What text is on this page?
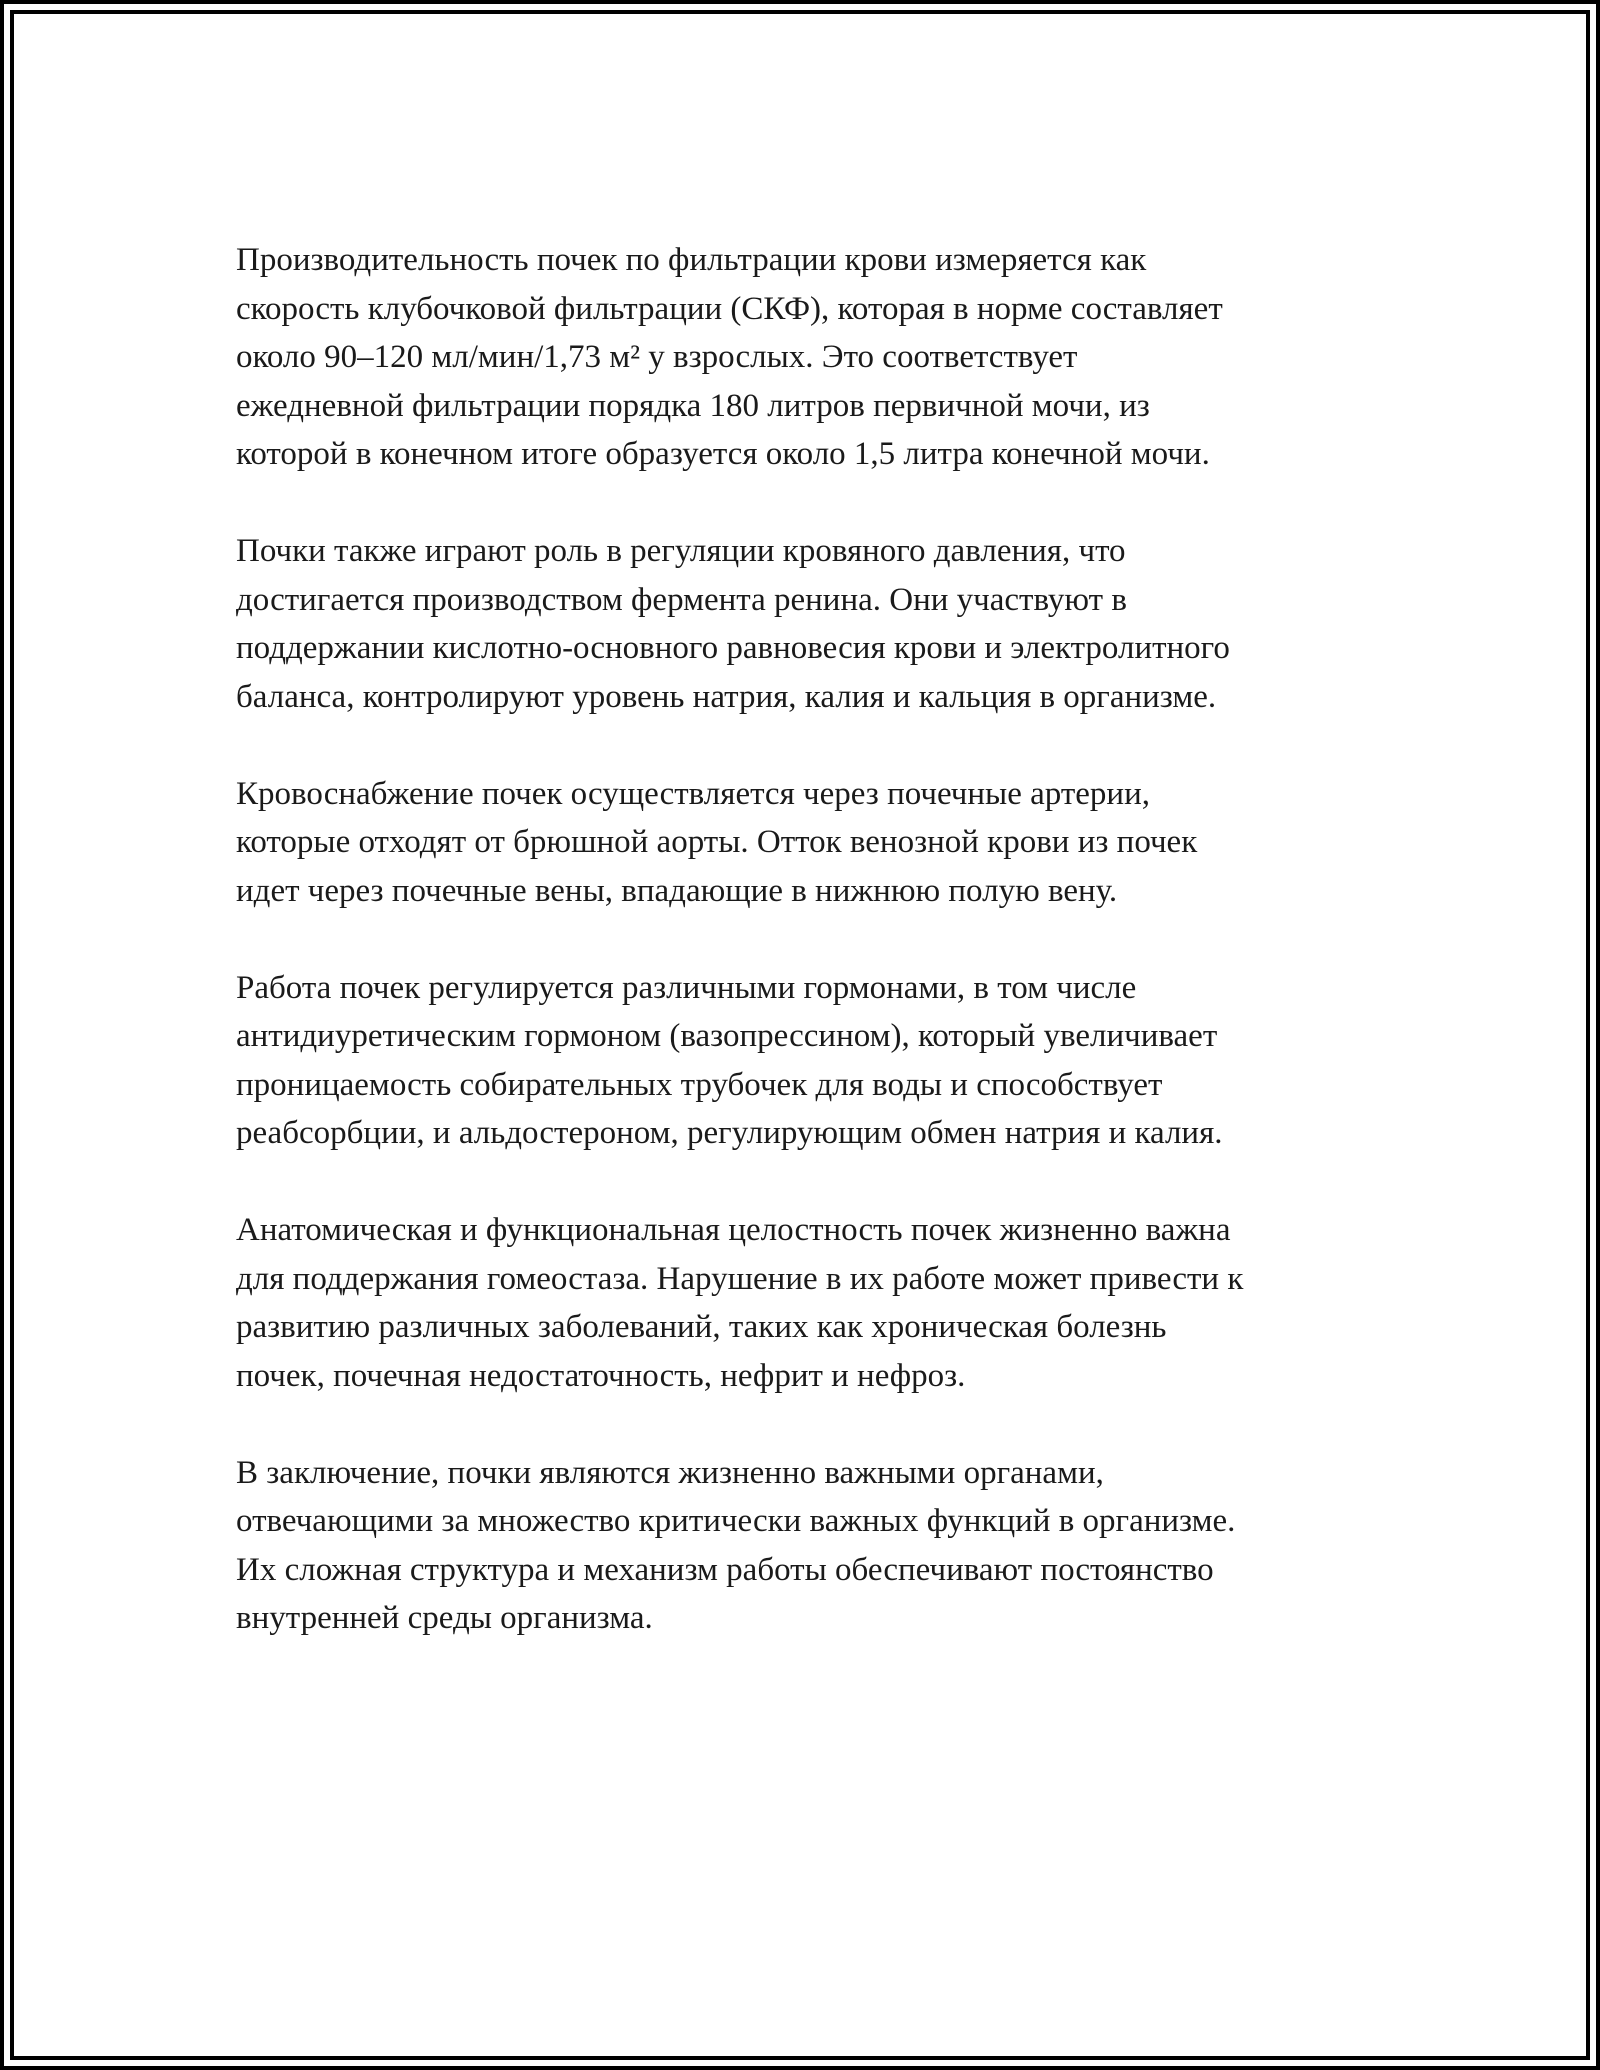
Производительность почек по фильтрации крови измеряется как
скорость клубочковой фильтрации (СКФ), которая в норме составляет
около 90–120 мл/мин/1,73 м² у взрослых. Это соответствует
ежедневной фильтрации порядка 180 литров первичной мочи, из
которой в конечном итоге образуется около 1,5 литра конечной мочи.

Почки также играют роль в регуляции кровяного давления, что
достигается производством фермента ренина. Они участвуют в
поддержании кислотно-основного равновесия крови и электролитного
баланса, контролируют уровень натрия, калия и кальция в организме.

Кровоснабжение почек осуществляется через почечные артерии,
которые отходят от брюшной аорты. Отток венозной крови из почек
идет через почечные вены, впадающие в нижнюю полую вену.

Работа почек регулируется различными гормонами, в том числе
антидиуретическим гормоном (вазопрессином), который увеличивает
проницаемость собирательных трубочек для воды и способствует
реабсорбции, и альдостероном, регулирующим обмен натрия и калия.

Анатомическая и функциональная целостность почек жизненно важна
для поддержания гомеостаза. Нарушение в их работе может привести к
развитию различных заболеваний, таких как хроническая болезнь
почек, почечная недостаточность, нефрит и нефроз.

В заключение, почки являются жизненно важными органами,
отвечающими за множество критически важных функций в организме.
Их сложная структура и механизм работы обеспечивают постоянство
внутренней среды организма.
